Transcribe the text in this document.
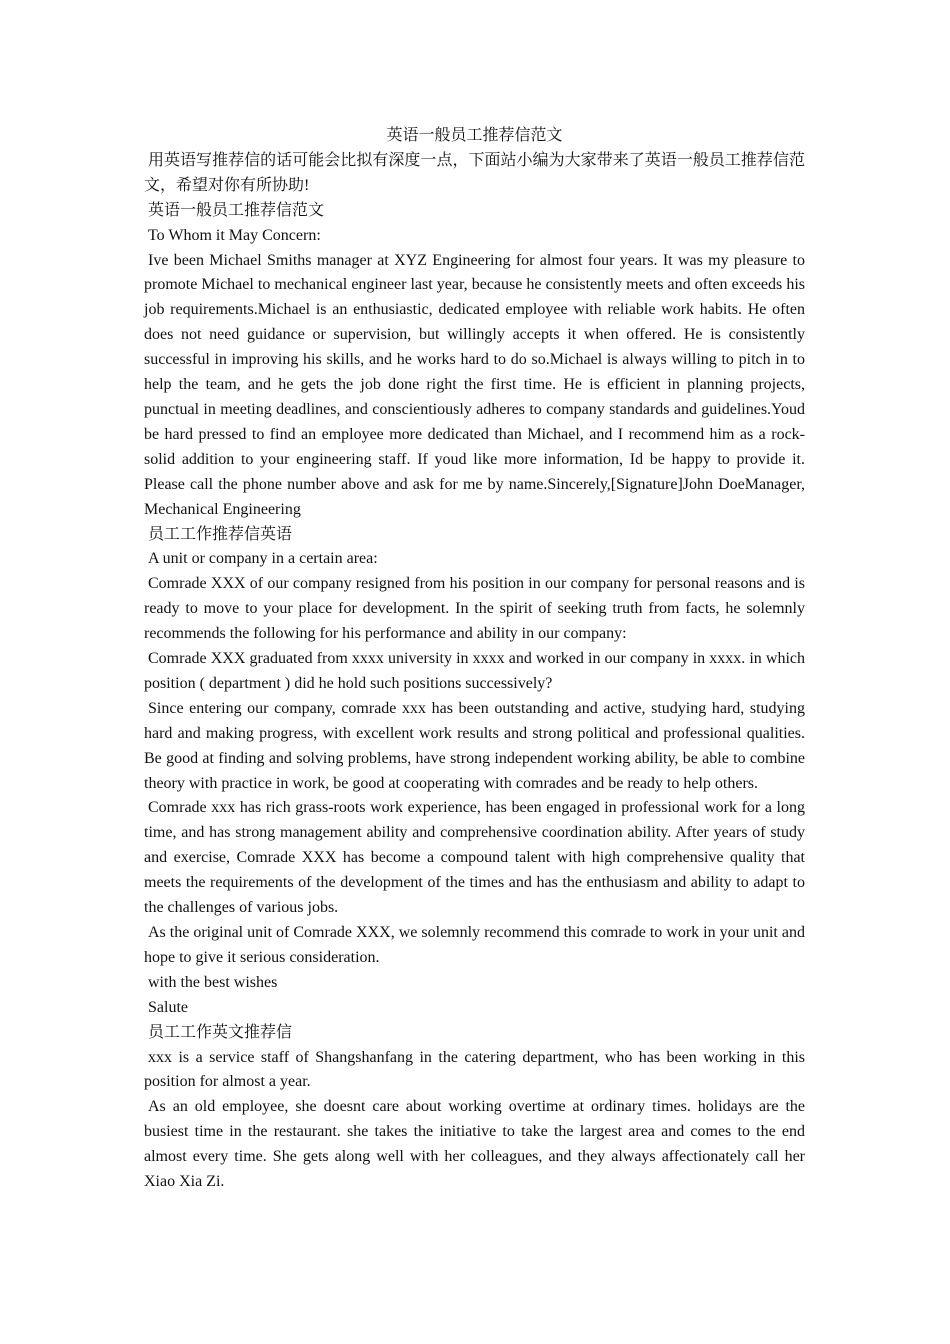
英语一般员工推荐信范文

用英语写推荐信的话可能会比拟有深度一点，下面站小编为大家带来了英语一般员工推荐信范文，希望对你有所协助!

英语一般员工推荐信范文

To Whom it May Concern:

Ive been Michael Smiths manager at XYZ Engineering for almost four years. It was my pleasure to promote Michael to mechanical engineer last year, because he consistently meets and often exceeds his job requirements.Michael is an enthusiastic, dedicated employee with reliable work habits. He often does not need guidance or supervision, but willingly accepts it when offered. He is consistently successful in improving his skills, and he works hard to do so.Michael is always willing to pitch in to help the team, and he gets the job done right the first time. He is efficient in planning projects, punctual in meeting deadlines, and conscientiously adheres to company standards and guidelines.Youd be hard pressed to find an employee more dedicated than Michael, and I recommend him as a rock-solid addition to your engineering staff. If youd like more information, Id be happy to provide it. Please call the phone number above and ask for me by name.Sincerely,[Signature]John DoeManager, Mechanical Engineering

员工工作推荐信英语

A unit or company in a certain area:

Comrade XXX of our company resigned from his position in our company for personal reasons and is ready to move to your place for development. In the spirit of seeking truth from facts, he solemnly recommends the following for his performance and ability in our company:

Comrade XXX graduated from xxxx university in xxxx and worked in our company in xxxx. in which position ( department ) did he hold such positions successively?

Since entering our company, comrade xxx has been outstanding and active, studying hard, studying hard and making progress, with excellent work results and strong political and professional qualities. Be good at finding and solving problems, have strong independent working ability, be able to combine theory with practice in work, be good at cooperating with comrades and be ready to help others.

Comrade xxx has rich grass-roots work experience, has been engaged in professional work for a long time, and has strong management ability and comprehensive coordination ability. After years of study and exercise, Comrade XXX has become a compound talent with high comprehensive quality that meets the requirements of the development of the times and has the enthusiasm and ability to adapt to the challenges of various jobs.

As the original unit of Comrade XXX, we solemnly recommend this comrade to work in your unit and hope to give it serious consideration.

with the best wishes

Salute

员工工作英文推荐信

xxx is a service staff of Shangshanfang in the catering department, who has been working in this position for almost a year.

As an old employee, she doesnt care about working overtime at ordinary times. holidays are the busiest time in the restaurant. she takes the initiative to take the largest area and comes to the end almost every time. She gets along well with her colleagues, and they always affectionately call her Xiao Xia Zi.
